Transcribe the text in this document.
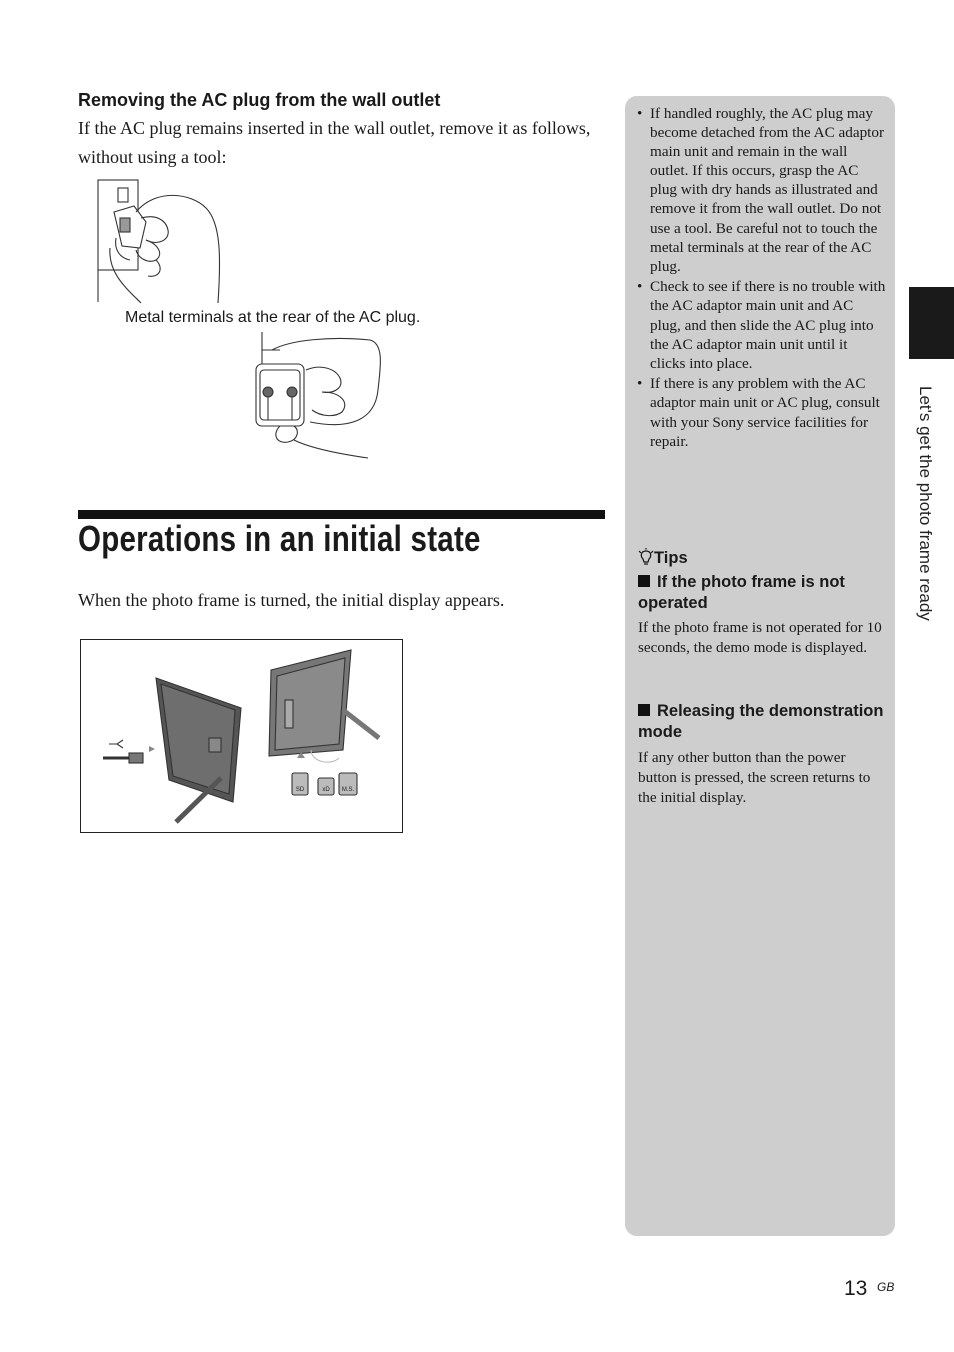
Removing the AC plug from the wall outlet
If the AC plug remains inserted in the wall outlet, remove it as follows, without using a tool:
Metal terminals at the rear of the AC plug.
Operations in an initial state
When the photo frame is turned, the initial display appears.
SD	xD M.S.
• If handled roughly, the AC plug may become detached from the AC adaptor main unit and remain in the wall outlet. If this occurs, grasp the AC plug with dry hands as illustrated and remove it from the wall outlet. Do not use a tool. Be careful not to touch the metal terminals at the rear of the AC plug.
• Check to see if there is no trouble with the AC adaptor main unit and AC plug, and then slide the AC plug into the AC adaptor main unit until it clicks into place.
• If there is any problem with the AC adaptor main unit or AC plug, consult with your Sony service facilities for repair.
Tips
If the photo frame is not operated
If the photo frame is not operated for 10 seconds, the demo mode is displayed.
Releasing the demonstration mode
If any other button than the power button is pressed, the screen returns to the initial display.
Let's get the photo frame ready
13 GB
